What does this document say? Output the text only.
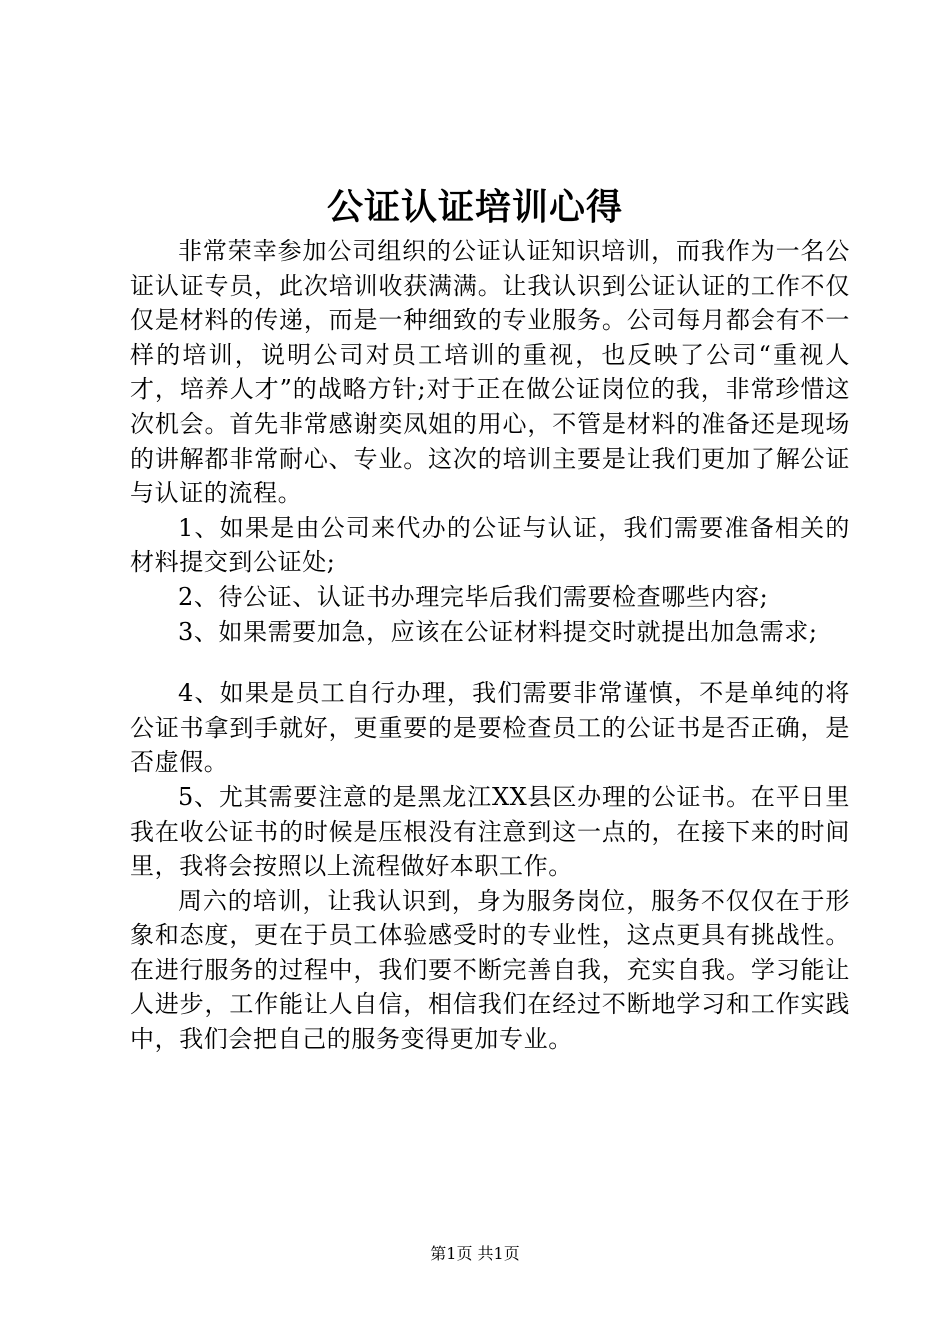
公证认证培训心得

非常荣幸参加公司组织的公证认证知识培训，而我作为一名公证认证专员，此次培训收获满满。让我认识到公证认证的工作不仅仅是材料的传递，而是一种细致的专业服务。公司每月都会有不一样的培训，说明公司对员工培训的重视，也反映了公司“重视人才，培养人才”的战略方针;对于正在做公证岗位的我，非常珍惜这次机会。首先非常感谢奕凤姐的用心，不管是材料的准备还是现场的讲解都非常耐心、专业。这次的培训主要是让我们更加了解公证与认证的流程。

1、如果是由公司来代办的公证与认证，我们需要准备相关的材料提交到公证处;

2、待公证、认证书办理完毕后我们需要检查哪些内容;

3、如果需要加急，应该在公证材料提交时就提出加急需求;

4、如果是员工自行办理，我们需要非常谨慎，不是单纯的将公证书拿到手就好，更重要的是要检查员工的公证书是否正确，是否虚假。

5、尤其需要注意的是黑龙江XX县区办理的公证书。在平日里我在收公证书的时候是压根没有注意到这一点的，在接下来的时间里，我将会按照以上流程做好本职工作。

周六的培训，让我认识到，身为服务岗位，服务不仅仅在于形象和态度，更在于员工体验感受时的专业性，这点更具有挑战性。在进行服务的过程中，我们要不断完善自我，充实自我。学习能让人进步，工作能让人自信，相信我们在经过不断地学习和工作实践中，我们会把自己的服务变得更加专业。

第1页 共1页
